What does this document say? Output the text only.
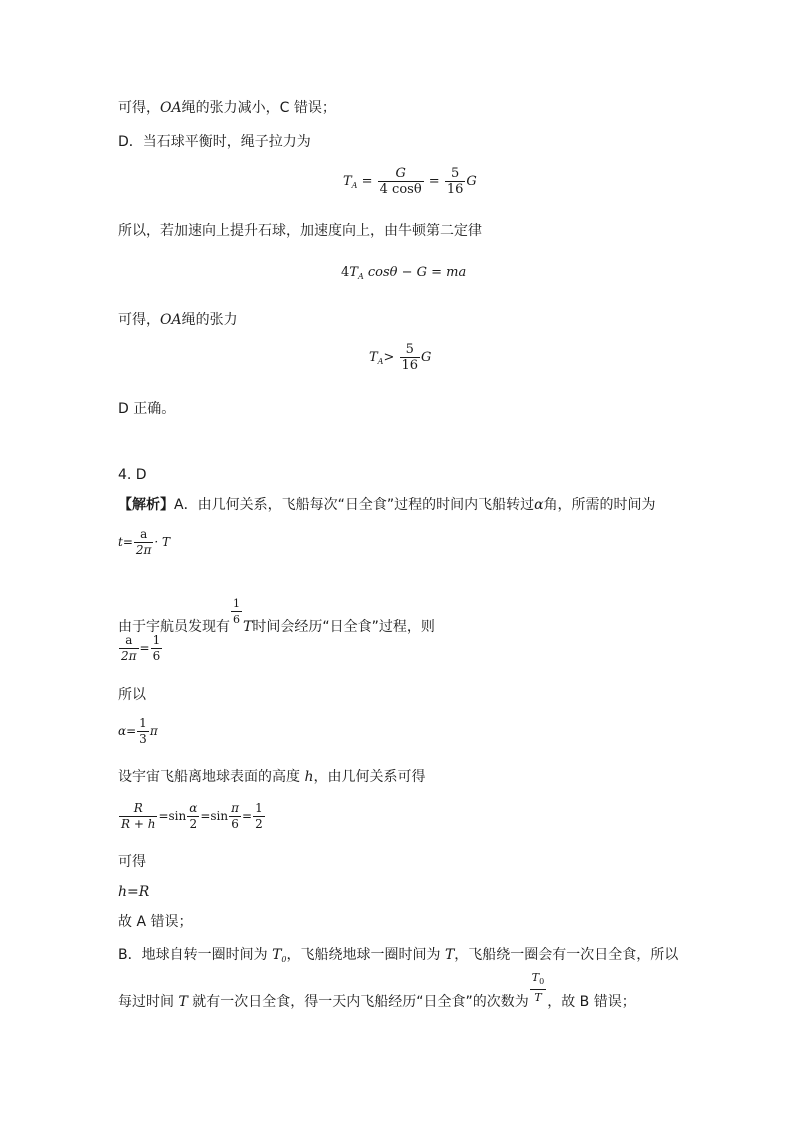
可得，OA绳的张力减小，C 错误；
D．当石球平衡时，绳子拉力为
$T_A = \frac{G}{4 \cos\theta} = \frac{5}{16}$ G
所以，若加速向上提升石球，加速度向上，由牛顿第二定律
$4T_A$ cosθ − G = ma
可得，OA绳的张力
$T_A> \frac{5}{16}$ G
D 正确。
4. D
【解析】A．由几何关系，飞船每次“日全食”过程的时间内飞船转过α角，所需的时间为
$t= \frac{a}{2\pi} \cdot T$
由于宇航员发现有 $\frac{1}{6}$ T时间会经历“日全食”过程，则
$\frac{a}{2\pi} = \frac{1}{6}$
所以
$\alpha= \frac{1}{3}$ π
设宇宙飞船离地球表面的高度 h，由几何关系可得
$\frac{R}{R + h} =\sin \frac{\alpha}{2} =\sin \frac{\pi}{6} = \frac{1}{2}$
可得
h=R
故 A 错误；
B．地球自转一圈时间为 $T_0$，飞船绕地球一圈时间为 T，飞船绕一圈会有一次日全食，所以
每过时间 T 就有一次日全食，得一天内飞船经历“日全食”的次数为 $\frac{T_0}{T}$ ，故 B 错误；
